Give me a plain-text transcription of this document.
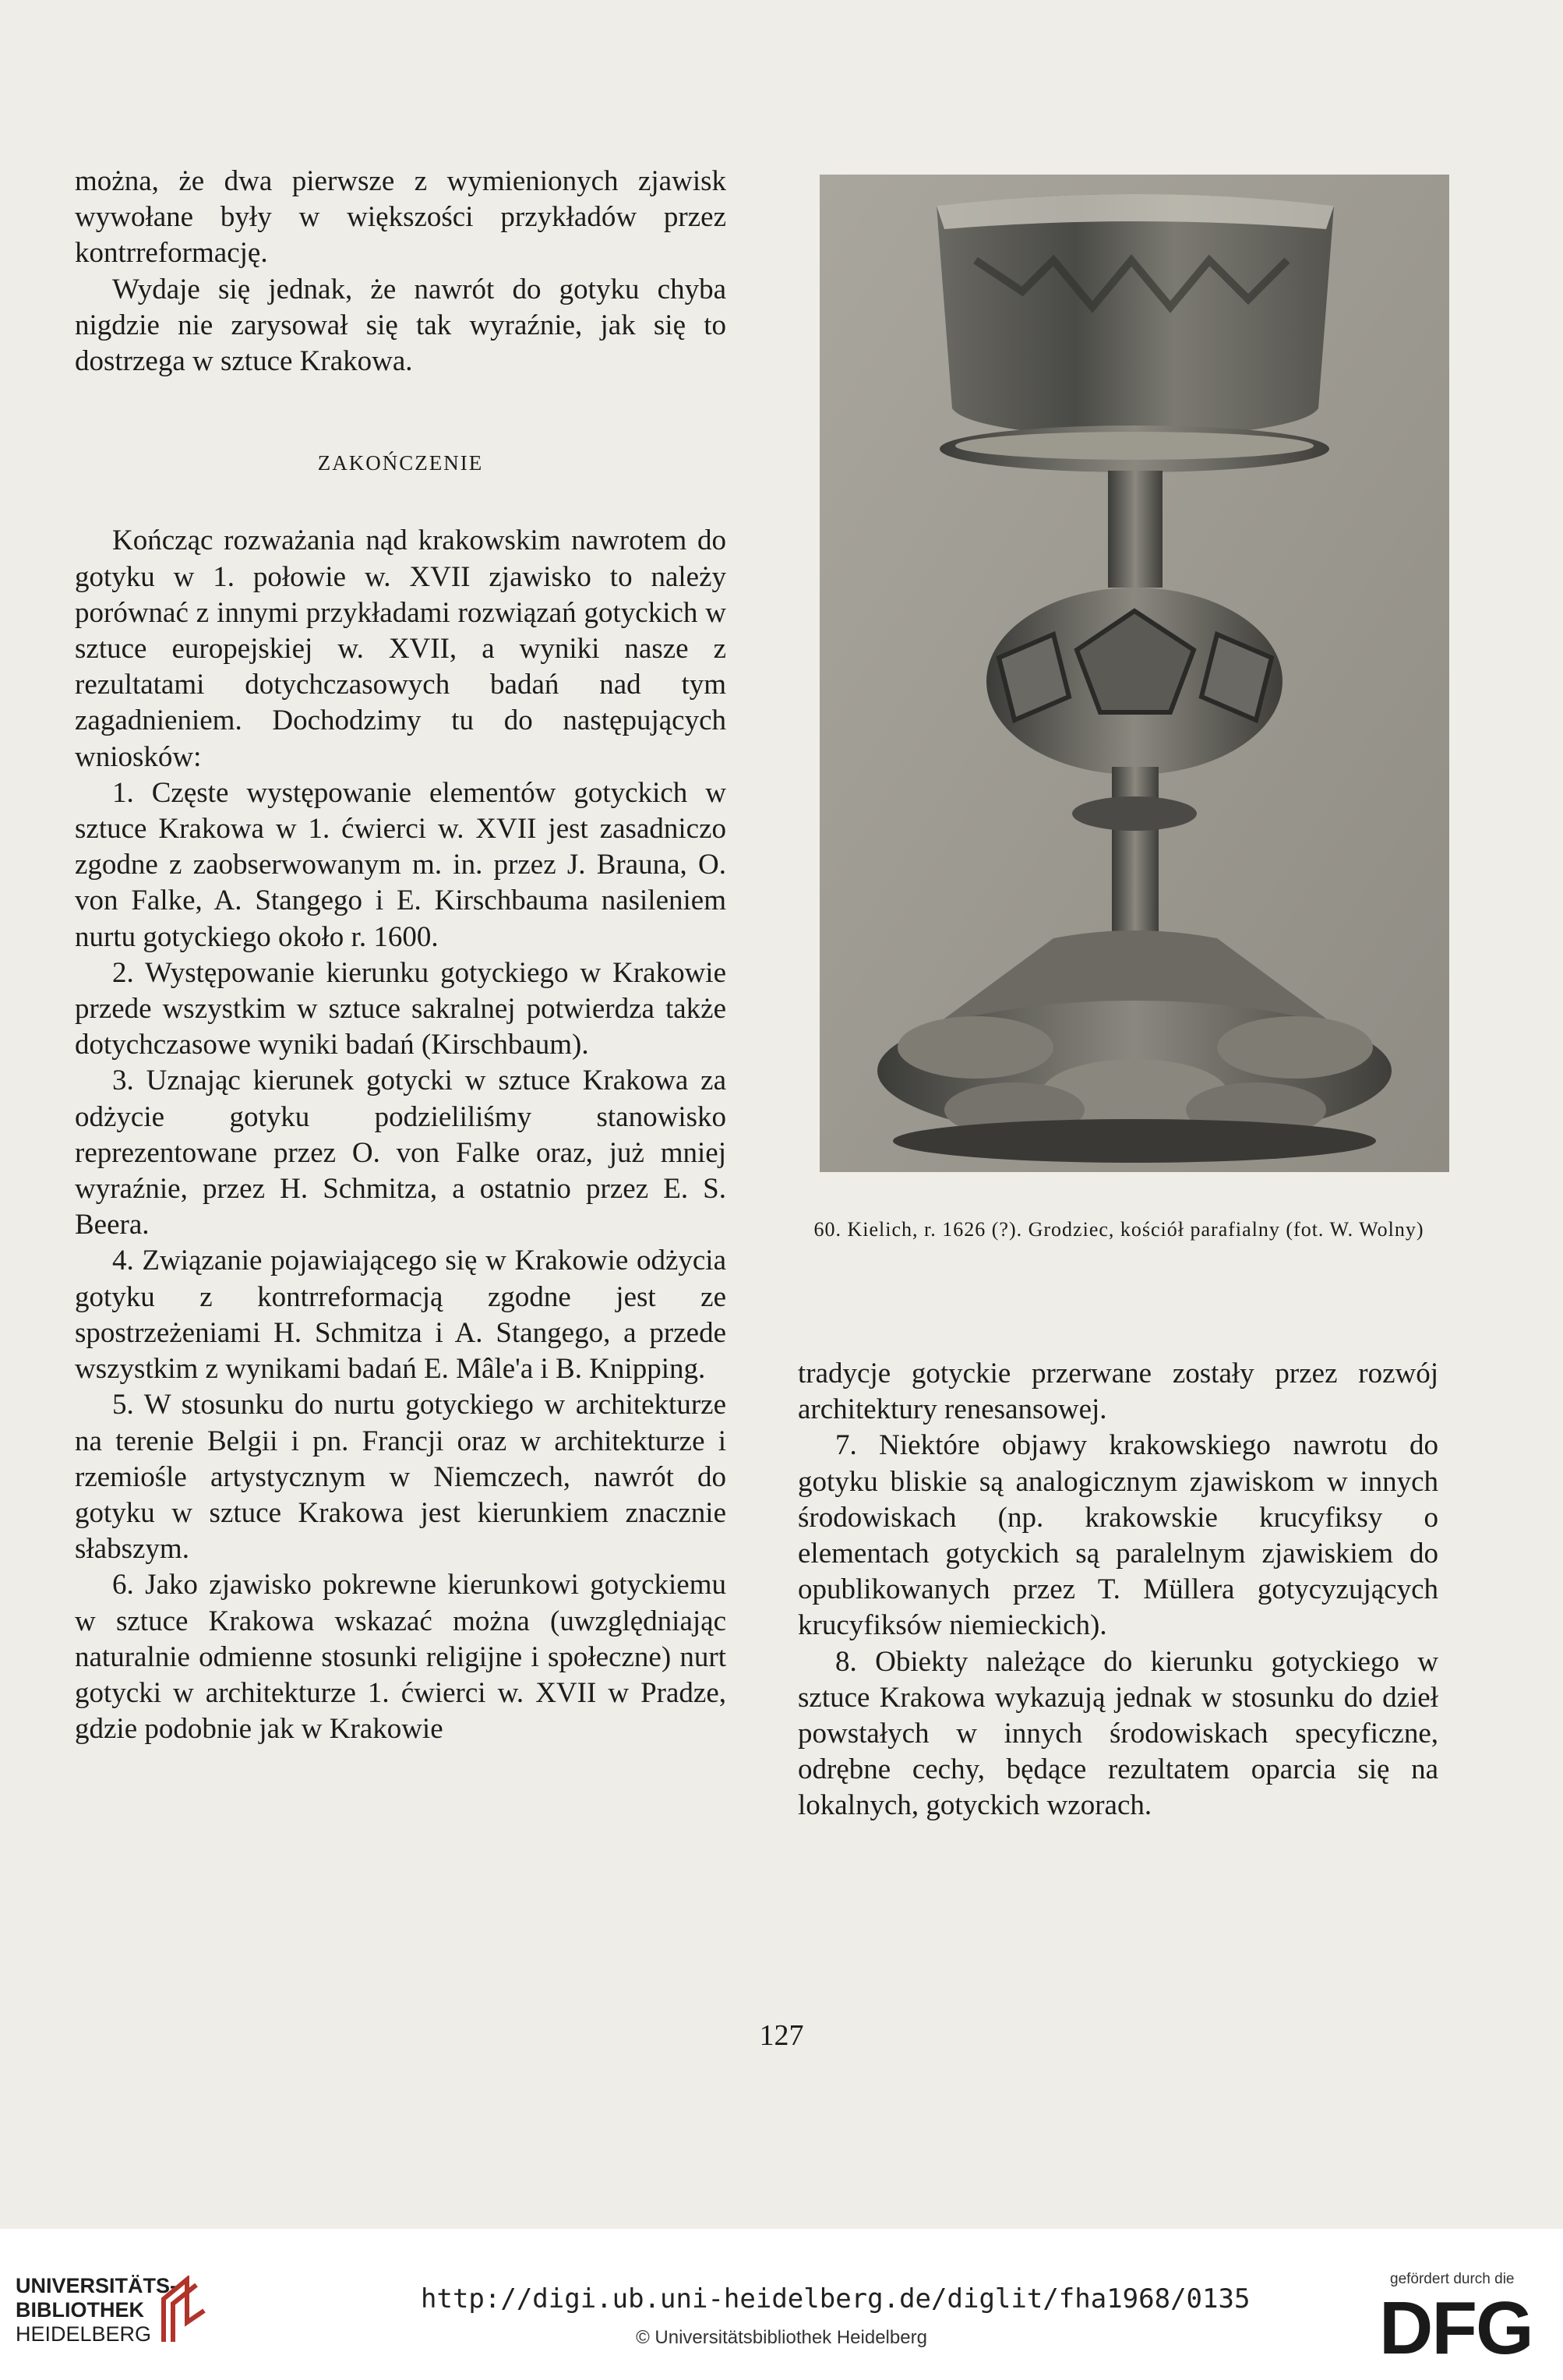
można, że dwa pierwsze z wymienionych zjawisk wywołane były w większości przykładów przez kontrreformację.

Wydaje się jednak, że nawrót do gotyku chyba nigdzie nie zarysował się tak wyraźnie, jak się to dostrzega w sztuce Krakowa.

ZAKOŃCZENIE

Kończąc rozważania nąd krakowskim nawrotem do gotyku w 1. połowie w. XVII zjawisko to należy porównać z innymi przykładami rozwiązań gotyckich w sztuce europejskiej w. XVII, a wyniki nasze z rezultatami dotychczasowych badań nad tym zagadnieniem. Dochodzimy tu do następujących wniosków:

1. Częste występowanie elementów gotyckich w sztuce Krakowa w 1. ćwierci w. XVII jest zasadniczo zgodne z zaobserwowanym m. in. przez J. Brauna, O. von Falke, A. Stangego i E. Kirschbauma nasileniem nurtu gotyckiego około r. 1600.

2. Występowanie kierunku gotyckiego w Krakowie przede wszystkim w sztuce sakralnej potwierdza także dotychczasowe wyniki badań (Kirschbaum).

3. Uznając kierunek gotycki w sztuce Krakowa za odżycie gotyku podzieliliśmy stanowisko reprezentowane przez O. von Falke oraz, już mniej wyraźnie, przez H. Schmitza, a ostatnio przez E. S. Beera.

4. Związanie pojawiającego się w Krakowie odżycia gotyku z kontrreformacją zgodne jest ze spostrzeżeniami H. Schmitza i A. Stangego, a przede wszystkim z wynikami badań E. Mâle'a i B. Knipping.

5. W stosunku do nurtu gotyckiego w architekturze na terenie Belgii i pn. Francji oraz w architekturze i rzemiośle artystycznym w Niemczech, nawrót do gotyku w sztuce Krakowa jest kierunkiem znacznie słabszym.

6. Jako zjawisko pokrewne kierunkowi gotyckiemu w sztuce Krakowa wskazać można (uwzględniając naturalnie odmienne stosunki religijne i społeczne) nurt gotycki w architekturze 1. ćwierci w. XVII w Pradze, gdzie podobnie jak w Krakowie

60. Kielich, r. 1626 (?). Grodziec, kościół parafialny (fot. W. Wolny)

tradycje gotyckie przerwane zostały przez rozwój architektury renesansowej.

7. Niektóre objawy krakowskiego nawrotu do gotyku bliskie są analogicznym zjawiskom w innych środowiskach (np. krakowskie krucyfiksy o elementach gotyckich są paralelnym zjawiskiem do opublikowanych przez T. Müllera gotycyzujących krucyfiksów niemieckich).

8. Obiekty należące do kierunku gotyckiego w sztuce Krakowa wykazują jednak w stosunku do dzieł powstałych w innych środowiskach specyficzne, odrębne cechy, będące rezultatem oparcia się na lokalnych, gotyckich wzorach.

127
UNIVERSITÄTS-
BIBLIOTHEK
HEIDELBERG
http://digi.ub.uni-heidelberg.de/diglit/fha1968/0135
© Universitätsbibliothek Heidelberg
gefördert durch die
DFG
